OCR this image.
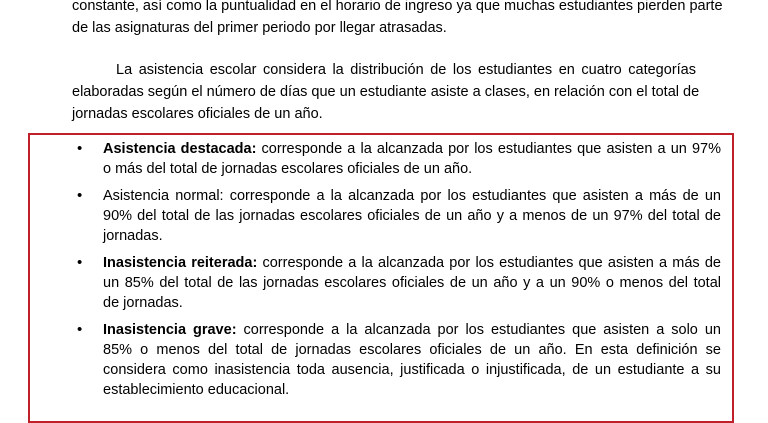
constante, así como la puntualidad en el horario de ingreso ya que muchas estudiantes pierden parte
de las asignaturas del primer periodo por llegar atrasadas.
La asistencia escolar considera la distribución de los estudiantes en cuatro categorías
elaboradas según el número de días que un estudiante asiste a clases, en relación con el total de
jornadas escolares oficiales de un año.
• Asistencia destacada: corresponde a la alcanzada por los estudiantes que asisten a un 97%
o más del total de jornadas escolares oficiales de un año.
• Asistencia normal: corresponde a la alcanzada por los estudiantes que asisten a más de un
90% del total de las jornadas escolares oficiales de un año y a menos de un 97% del total de
jornadas.
• Inasistencia reiterada: corresponde a la alcanzada por los estudiantes que asisten a más de
un 85% del total de las jornadas escolares oficiales de un año y a un 90% o menos del total
de jornadas.
• Inasistencia grave: corresponde a la alcanzada por los estudiantes que asisten a solo un
85% o menos del total de jornadas escolares oficiales de un año. En esta definición se
considera como inasistencia toda ausencia, justificada o injustificada, de un estudiante a su
establecimiento educacional.
